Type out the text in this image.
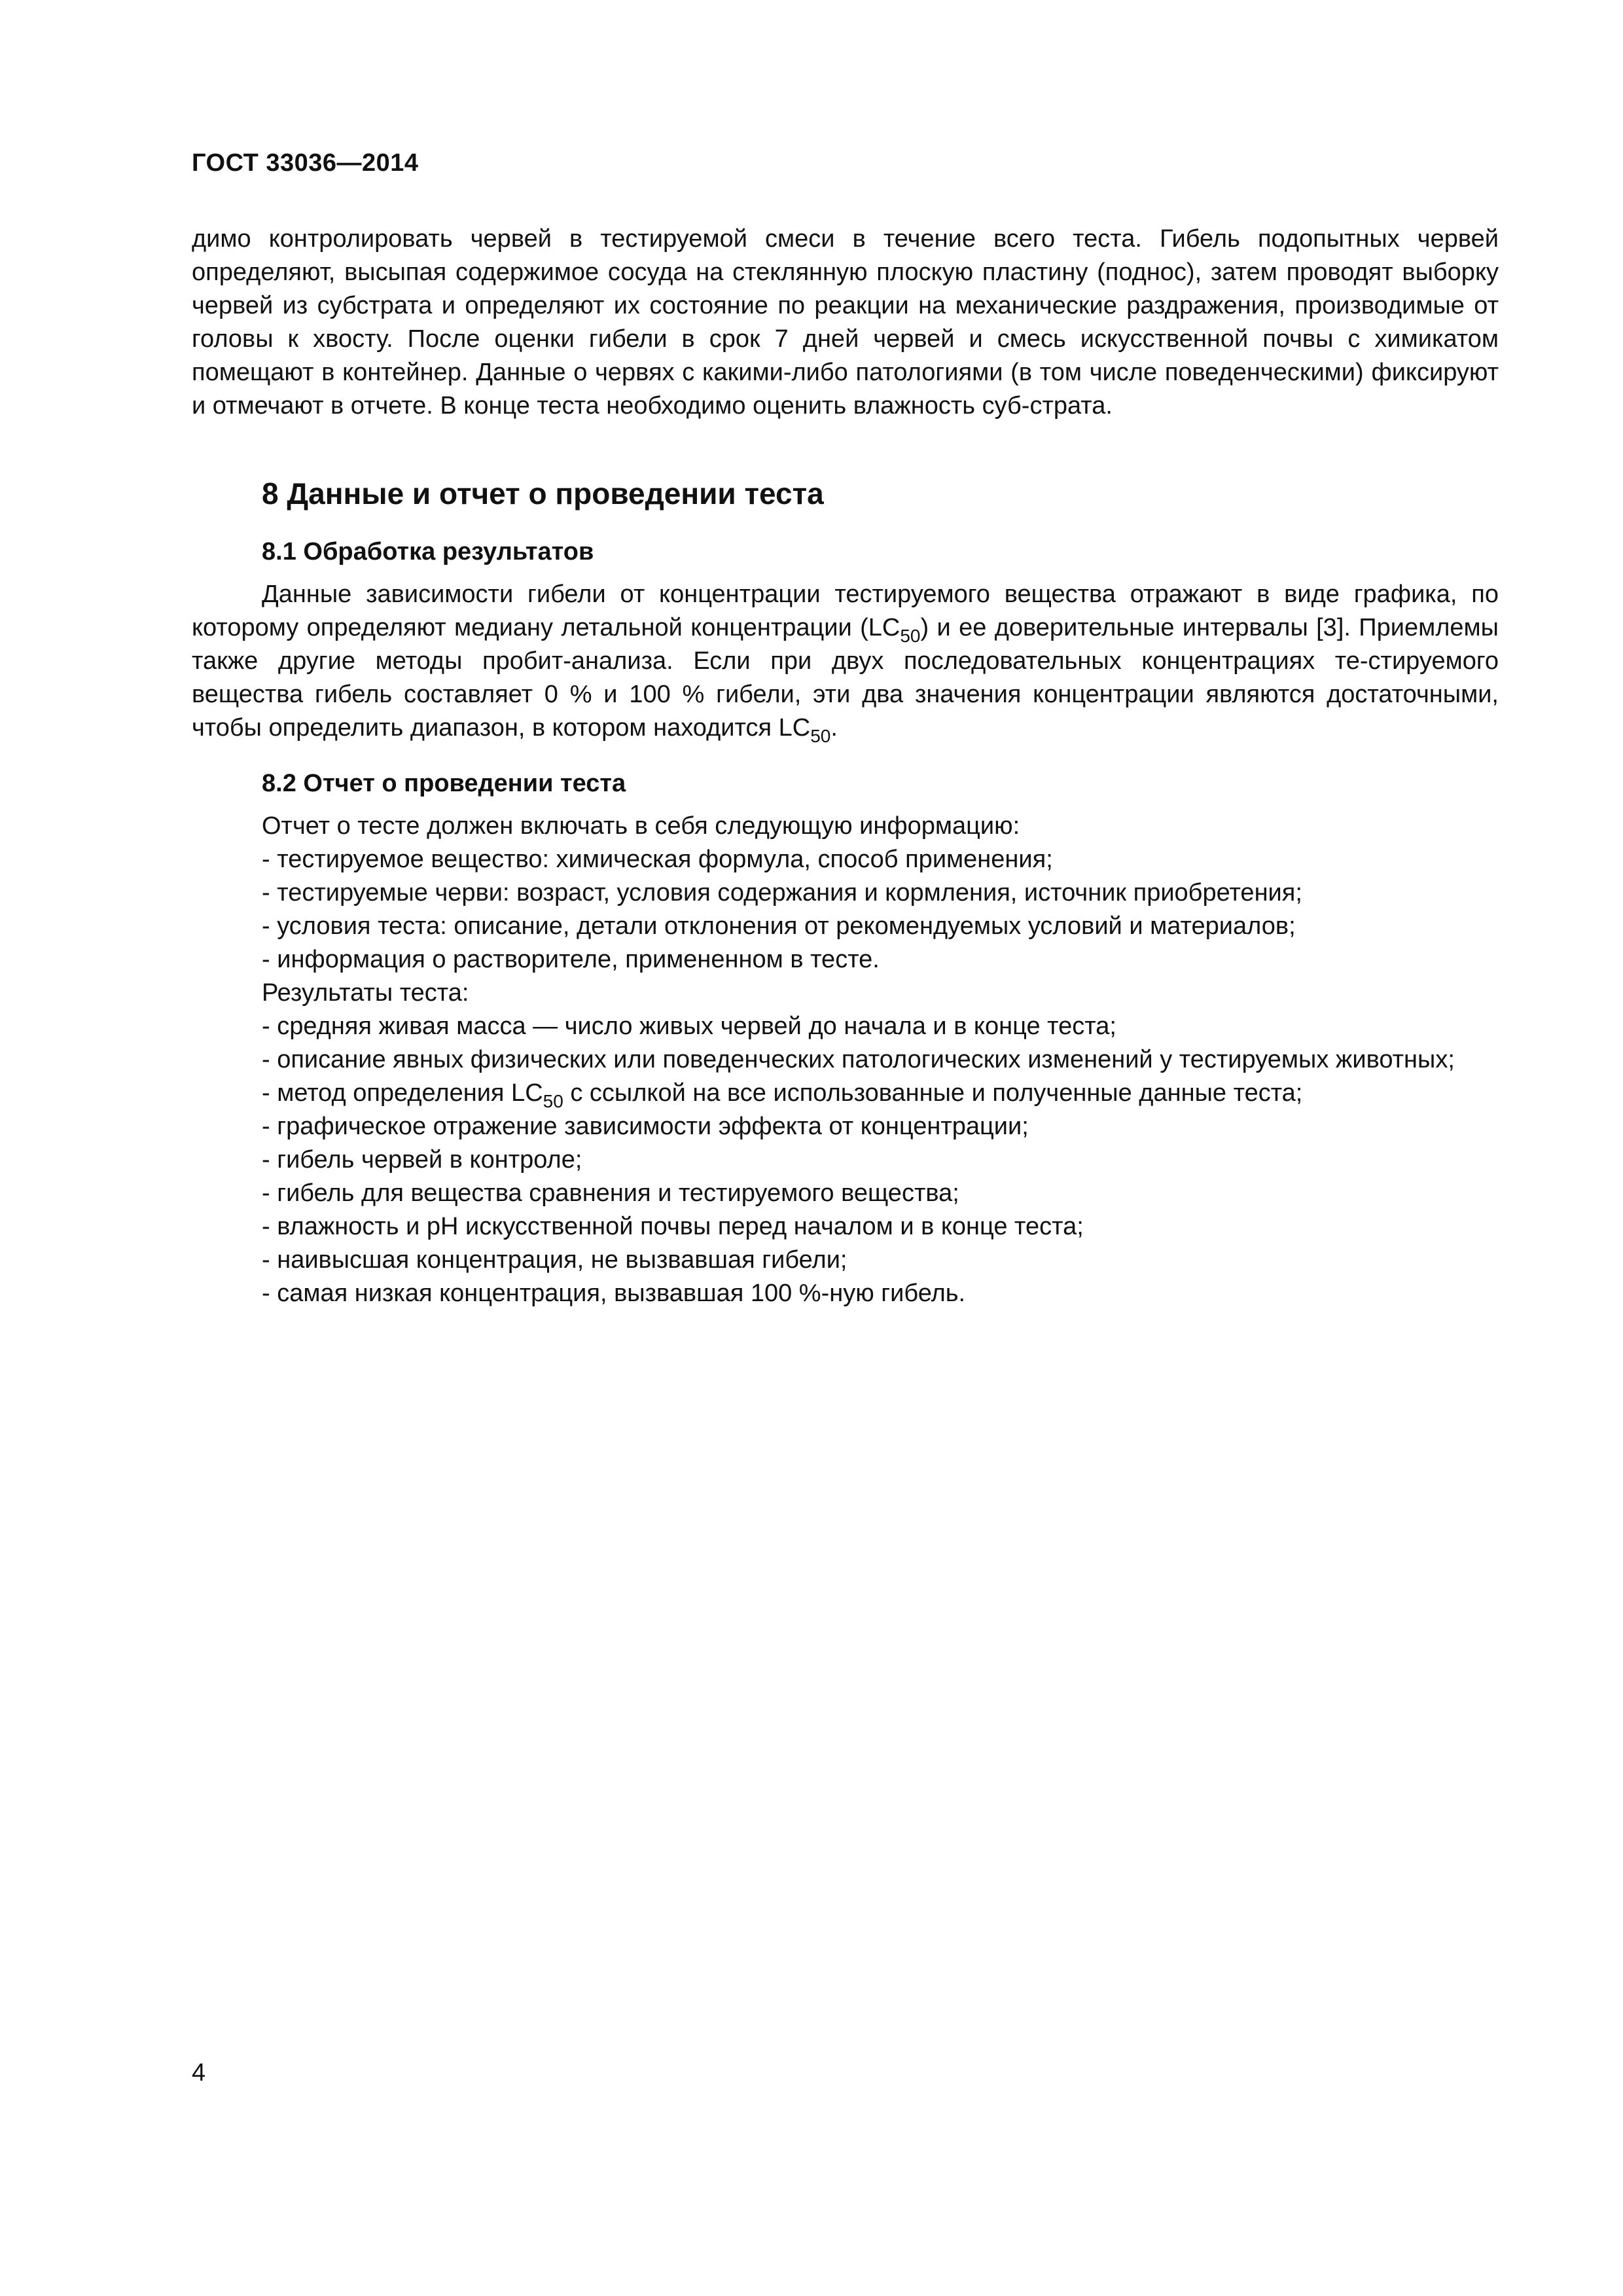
ГОСТ 33036—2014

димо контролировать червей в тестируемой смеси в течение всего теста. Гибель подопытных червей определяют, высыпая содержимое сосуда на стеклянную плоскую пластину (поднос), затем проводят выборку червей из субстрата и определяют их состояние по реакции на механические раздражения, производимые от головы к хвосту. После оценки гибели в срок 7 дней червей и смесь искусственной почвы с химикатом помещают в контейнер. Данные о червях с какими-либо патологиями (в том числе поведенческими) фиксируют и отмечают в отчете. В конце теста необходимо оценить влажность суб-страта.

8 Данные и отчет о проведении теста
8.1 Обработка результатов

Данные зависимости гибели от концентрации тестируемого вещества отражают в виде графика, по которому определяют медиану летальной концентрации $(LC_{50})$ и ее доверительные интервалы [3]. Приемлемы также другие методы пробит-анализа. Если при двух последовательных концентрациях те-стируемого вещества гибель составляет 0 % и 100 % гибели, эти два значения концентрации являются достаточными, чтобы определить диапазон, в котором находится $LC_{50}$.

8.2 Отчет о проведении теста
Отчет о тесте должен включать в себя следующую информацию:
- тестируемое вещество: химическая формула, способ применения;
- тестируемые черви: возраст, условия содержания и кормления, источник приобретения;
- условия теста: описание, детали отклонения от рекомендуемых условий и материалов;
- информация о растворителе, примененном в тесте.
Результаты теста:
- средняя живая масса — число живых червей до начала и в конце теста;

- описание явных физических или поведенческих патологических изменений у тестируемых животных;

- метод определения $LC_{50}$ с ссылкой на все использованные и полученные данные теста;
- графическое отражение зависимости эффекта от концентрации;
- гибель червей в контроле;
- гибель для вещества сравнения и тестируемого вещества;
- влажность и рН искусственной почвы перед началом и в конце теста;
- наивысшая концентрация, не вызвавшая гибели;
- самая низкая концентрация, вызвавшая 100 %-ную гибель.
4
